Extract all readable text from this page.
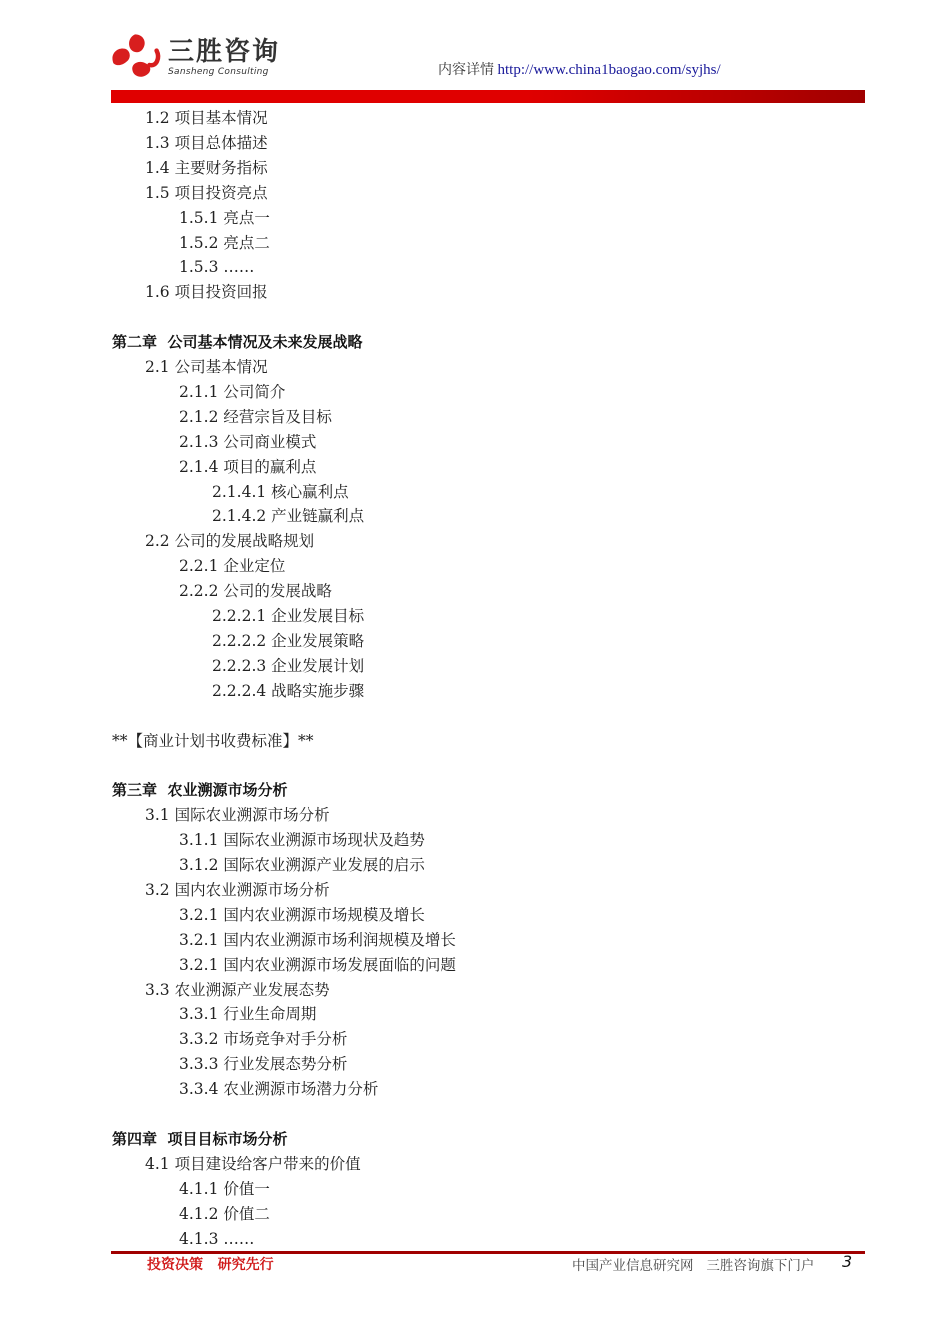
三胜咨询
Sansheng Consulting	内容详情 http://www.china1baogao.com/syjhs/
1.2 项目基本情况
1.3 项目总体描述
1.4 主要财务指标
1.5 项目投资亮点
1.5.1 亮点一
1.5.2 亮点二
1.5.3 ……
1.6 项目投资回报
第二章  公司基本情况及未来发展战略
2.1 公司基本情况
2.1.1 公司简介
2.1.2 经营宗旨及目标
2.1.3 公司商业模式
2.1.4 项目的赢利点
2.1.4.1 核心赢利点
2.1.4.2 产业链赢利点
2.2 公司的发展战略规划
2.2.1 企业定位
2.2.2 公司的发展战略
2.2.2.1 企业发展目标
2.2.2.2 企业发展策略
2.2.2.3 企业发展计划
2.2.2.4 战略实施步骤
**【商业计划书收费标准】**
第三章  农业溯源市场分析
3.1 国际农业溯源市场分析
3.1.1 国际农业溯源市场现状及趋势
3.1.2 国际农业溯源产业发展的启示
3.2 国内农业溯源市场分析
3.2.1 国内农业溯源市场规模及增长
3.2.1 国内农业溯源市场利润规模及增长
3.2.1 国内农业溯源市场发展面临的问题
3.3 农业溯源产业发展态势
3.3.1 行业生命周期
3.3.2 市场竞争对手分析
3.3.3 行业发展态势分析
3.3.4 农业溯源市场潜力分析
第四章  项目目标市场分析
4.1 项目建设给客户带来的价值
4.1.1 价值一
4.1.2 价值二
4.1.3 ……
投资决策   研究先行	中国产业信息研究网   三胜咨询旗下门户 3
